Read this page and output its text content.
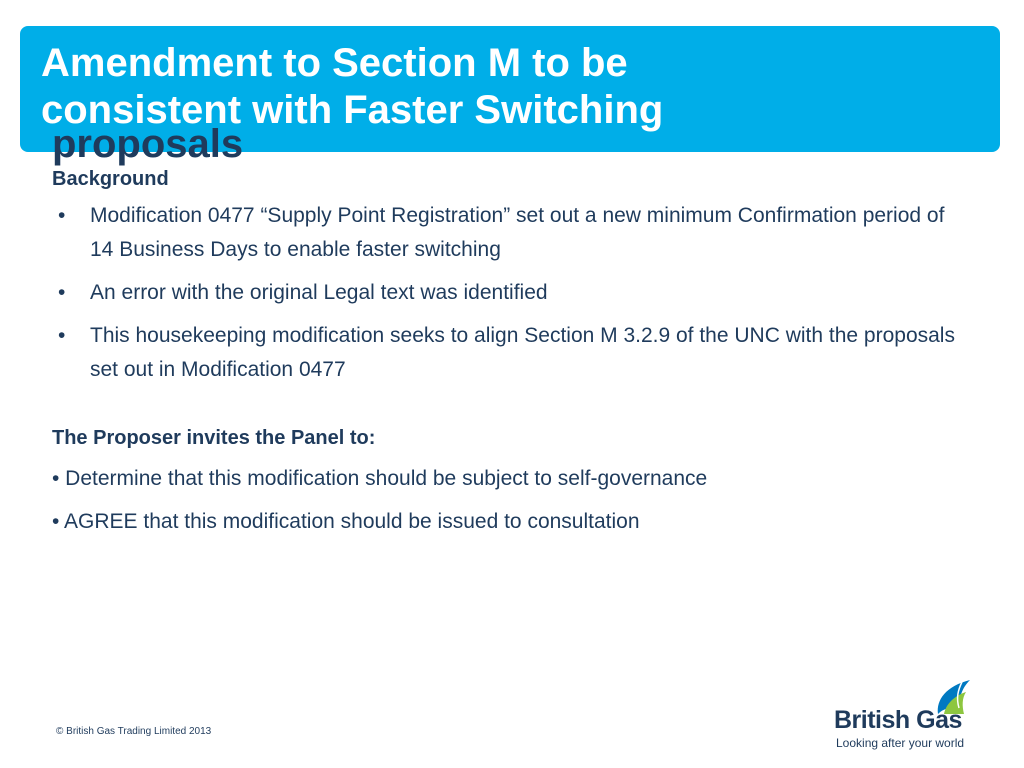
Amendment to Section M to be consistent with Faster Switching
proposals
Background
• Modification 0477 “Supply Point Registration” set out a new minimum Confirmation period of 14 Business Days to enable faster switching
• An error with the original Legal text was identified
• This housekeeping modification seeks to align Section M 3.2.9 of the UNC with the proposals set out in Modification 0477
The Proposer invites the Panel to:
• Determine that this modification should be subject to self-governance
• AGREE that this modification should be issued to consultation
© British Gas Trading Limited 2013	British Gas
Looking after your world
